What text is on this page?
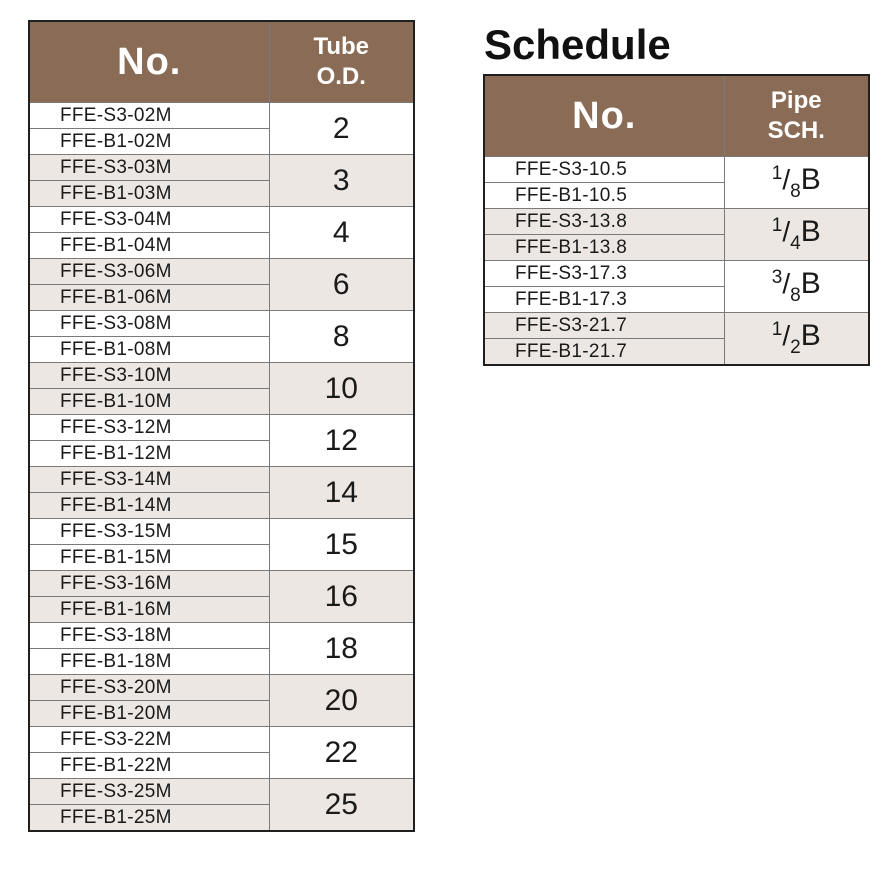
No.	Tube
O.D.
FFE-S3-02M	2
FFE-B1-02M	
FFE-S3-03M	3
FFE-B1-03M	
FFE-S3-04M	4
FFE-B1-04M	
FFE-S3-06M	6
FFE-B1-06M	
FFE-S3-08M	8
FFE-B1-08M	
FFE-S3-10M	10
FFE-B1-10M	
FFE-S3-12M	12
FFE-B1-12M	
FFE-S3-14M	14
FFE-B1-14M	
FFE-S3-15M	15
FFE-B1-15M	
FFE-S3-16M	16
FFE-B1-16M	
FFE-S3-18M	18
FFE-B1-18M	
FFE-S3-20M	20
FFE-B1-20M	
FFE-S3-22M	22
FFE-B1-22M	
FFE-S3-25M	25
FFE-B1-25M	
Schedule
No.	Pipe
SCH.
FFE-S3-10.5	$^1/_8B$
FFE-B1-10.5	
FFE-S3-13.8	$^1/_4B$
FFE-B1-13.8	
FFE-S3-17.3	$^3/_8B$
FFE-B1-17.3	
FFE-S3-21.7	$^1/_2B$
FFE-B1-21.7	
